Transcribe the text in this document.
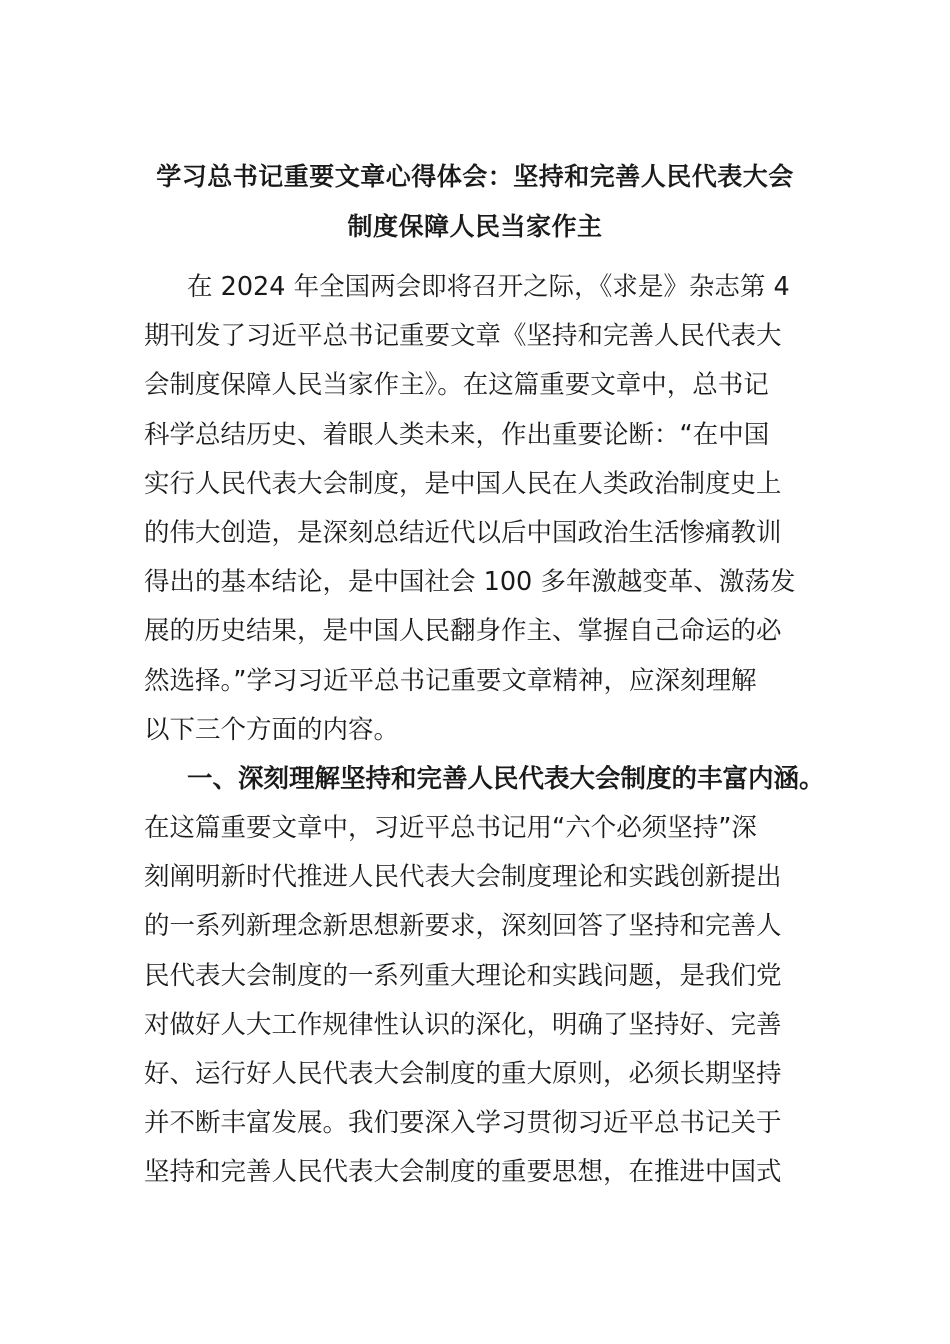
学习总书记重要文章心得体会：坚持和完善人民代表大会
制度保障人民当家作主
在 2024 年全国两会即将召开之际，《求是》杂志第 4
期刊发了习近平总书记重要文章《坚持和完善人民代表大
会制度保障人民当家作主》。在这篇重要文章中，总书记
科学总结历史、着眼人类未来，作出重要论断：“在中国
实行人民代表大会制度，是中国人民在人类政治制度史上
的伟大创造，是深刻总结近代以后中国政治生活惨痛教训
得出的基本结论，是中国社会 100 多年激越变革、激荡发
展的历史结果，是中国人民翻身作主、掌握自己命运的必
然选择。”学习习近平总书记重要文章精神，应深刻理解
以下三个方面的内容。
一、深刻理解坚持和完善人民代表大会制度的丰富内涵。
在这篇重要文章中，习近平总书记用“六个必须坚持”深
刻阐明新时代推进人民代表大会制度理论和实践创新提出
的一系列新理念新思想新要求，深刻回答了坚持和完善人
民代表大会制度的一系列重大理论和实践问题，是我们党
对做好人大工作规律性认识的深化，明确了坚持好、完善
好、运行好人民代表大会制度的重大原则，必须长期坚持
并不断丰富发展。我们要深入学习贯彻习近平总书记关于
坚持和完善人民代表大会制度的重要思想，在推进中国式
